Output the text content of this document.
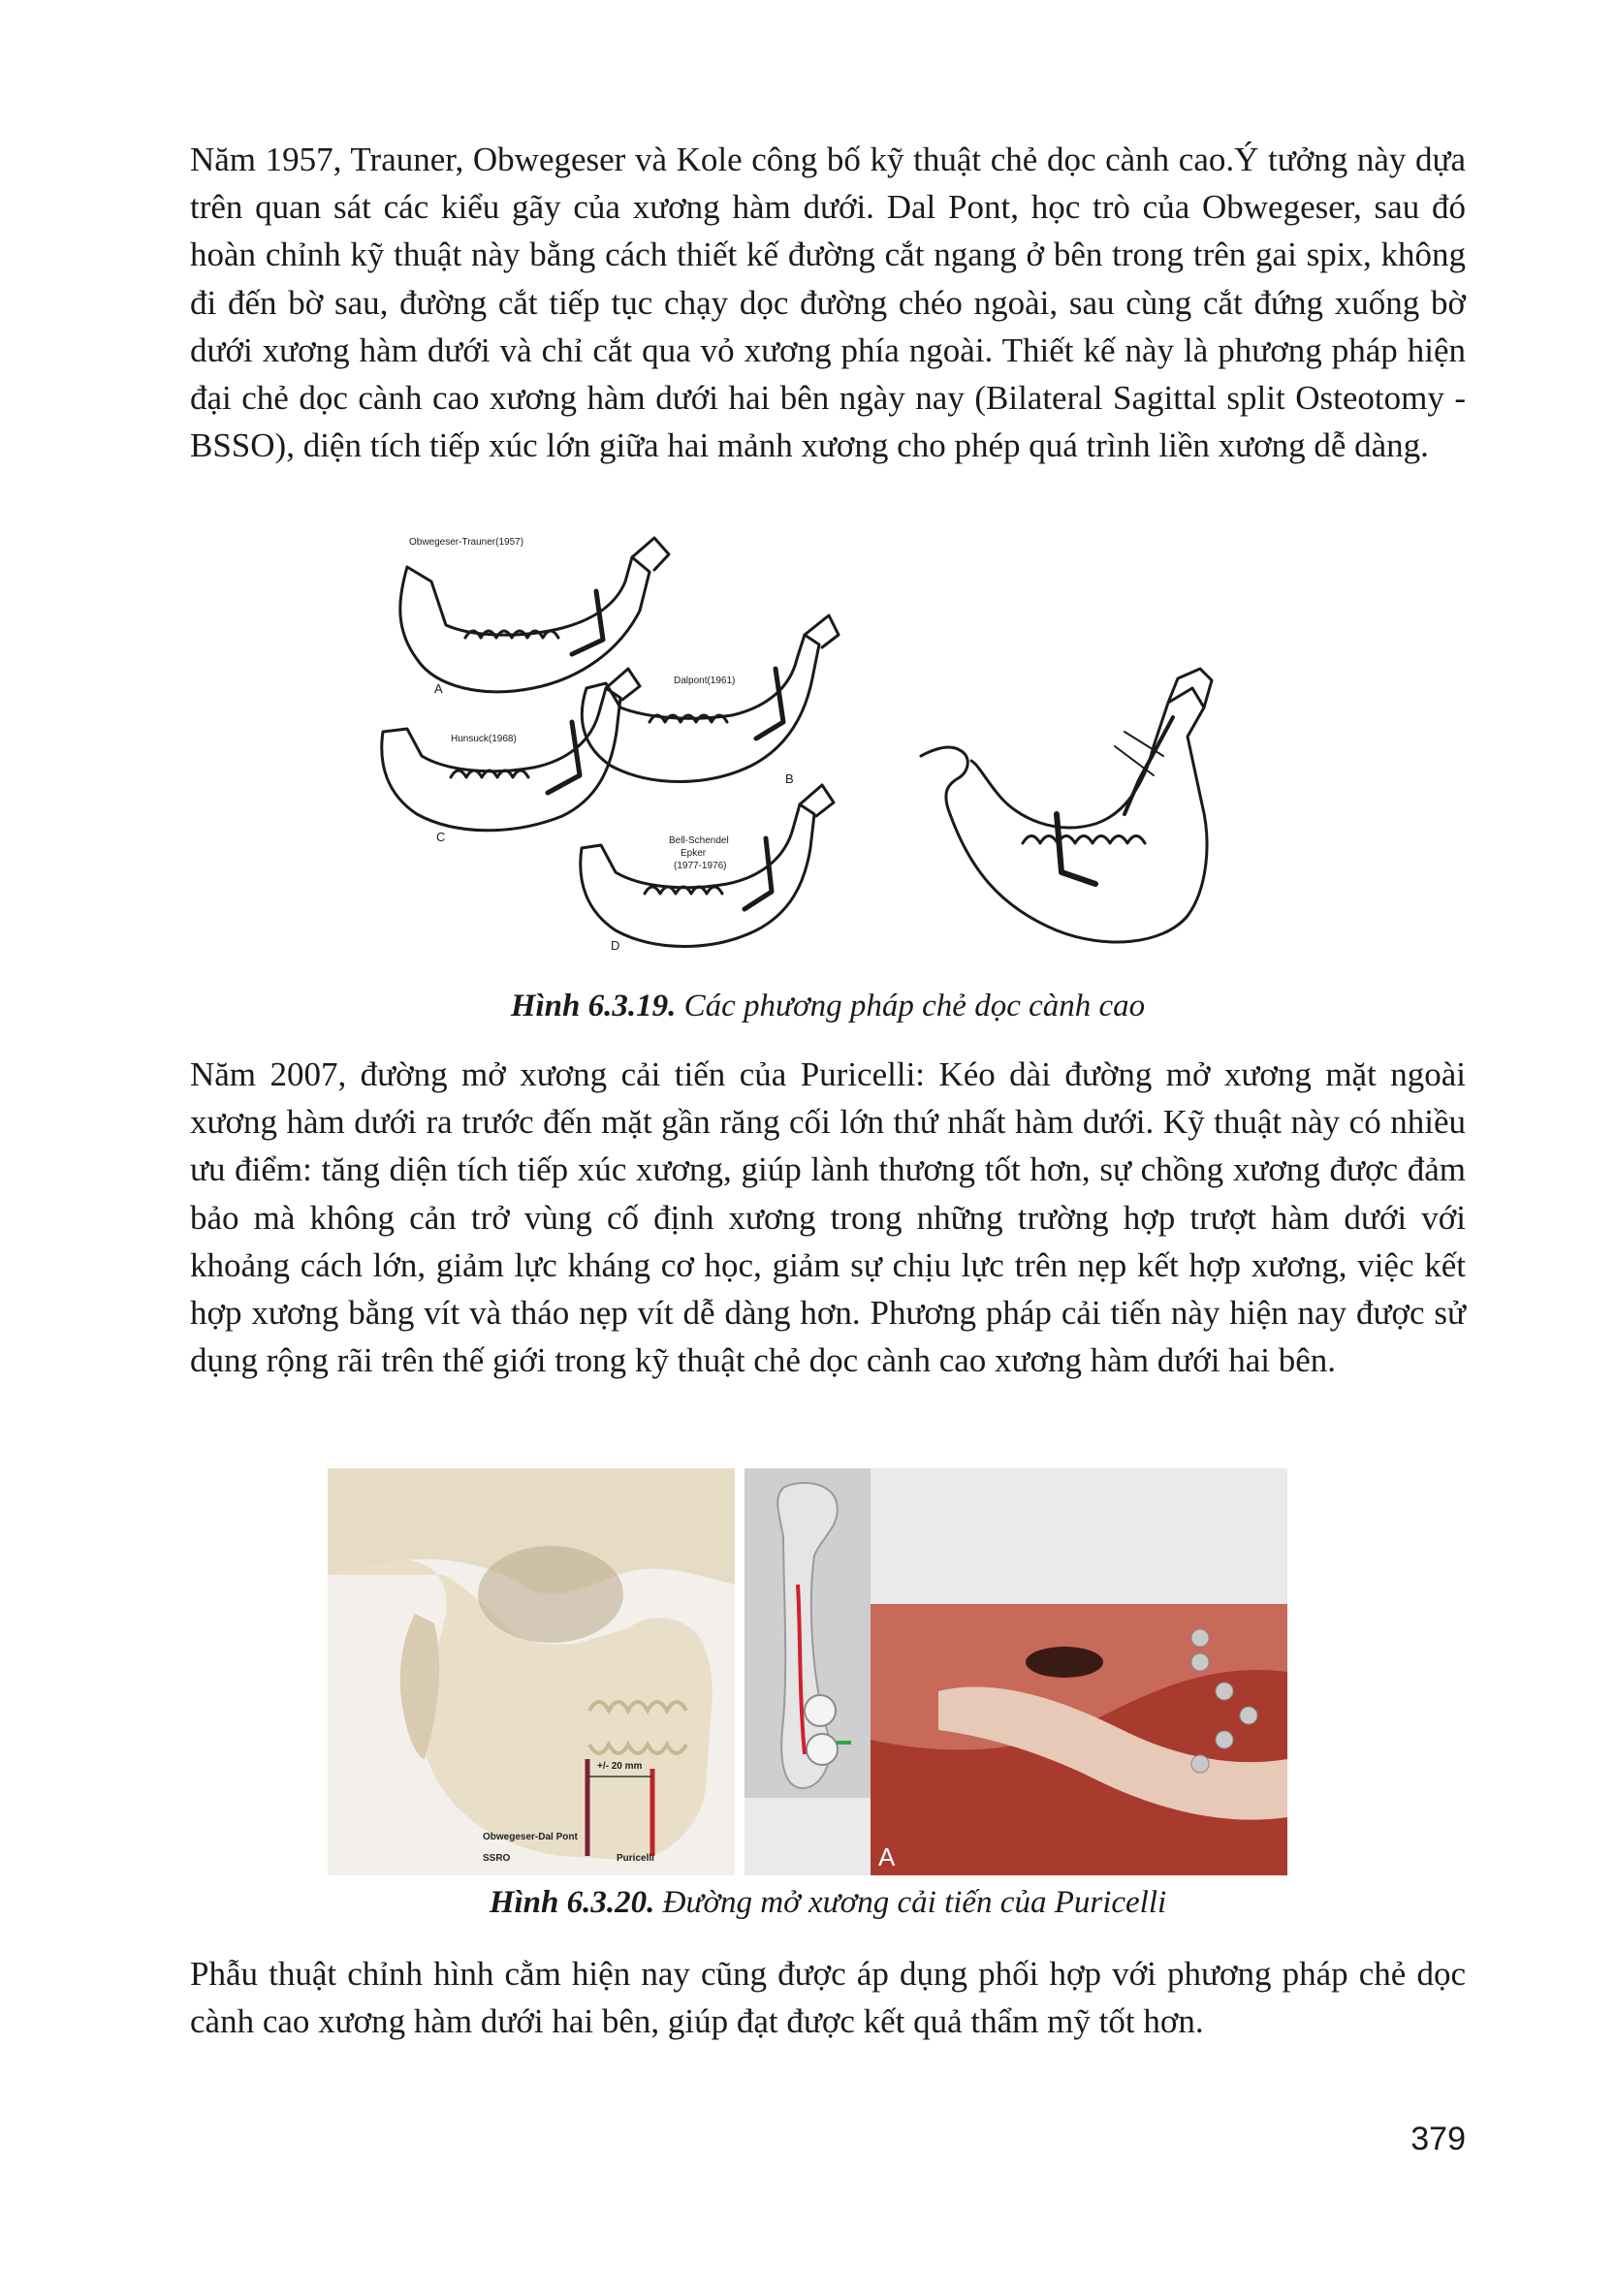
Năm 1957, Trauner, Obwegeser và Kole công bố kỹ thuật chẻ dọc cành cao.Ý tưởng này dựa trên quan sát các kiểu gãy của xương hàm dưới. Dal Pont, học trò của Obwegeser, sau đó hoàn chỉnh kỹ thuật này bằng cách thiết kế đường cắt ngang ở bên trong trên gai spix, không đi đến bờ sau, đường cắt tiếp tục chạy dọc đường chéo ngoài, sau cùng cắt đứng xuống bờ dưới xương hàm dưới và chỉ cắt qua vỏ xương phía ngoài. Thiết kế này là phương pháp hiện đại chẻ dọc cành cao xương hàm dưới hai bên ngày nay (Bilateral Sagittal split Osteotomy - BSSO), diện tích tiếp xúc lớn giữa hai mảnh xương cho phép quá trình liền xương dễ dàng.

Obwegeser-Trauner(1957)
A
Dalpont(1961)
B
Hunsuck(1968)
C	Bell-Schendel
Epker
(1977-1976)
D

Hình 6.3.19. Các phương pháp chẻ dọc cành cao

Năm 2007, đường mở xương cải tiến của Puricelli: Kéo dài đường mở xương mặt ngoài xương hàm dưới ra trước đến mặt gần răng cối lớn thứ nhất hàm dưới. Kỹ thuật này có nhiều ưu điểm: tăng diện tích tiếp xúc xương, giúp lành thương tốt hơn, sự chồng xương được đảm bảo mà không cản trở vùng cố định xương trong những trường hợp trượt hàm dưới với khoảng cách lớn, giảm lực kháng cơ học, giảm sự chịu lực trên nẹp kết hợp xương, việc kết hợp xương bằng vít và tháo nẹp vít dễ dàng hơn. Phương pháp cải tiến này hiện nay được sử dụng rộng rãi trên thế giới trong kỹ thuật chẻ dọc cành cao xương hàm dưới hai bên.

+/- 20 mm
Obwegeser-Dal Pont
SSRO	Puricelli	A

Hình 6.3.20. Đường mở xương cải tiến của Puricelli

Phẫu thuật chỉnh hình cằm hiện nay cũng được áp dụng phối hợp với phương pháp chẻ dọc cành cao xương hàm dưới hai bên, giúp đạt được kết quả thẩm mỹ tốt hơn.

379
